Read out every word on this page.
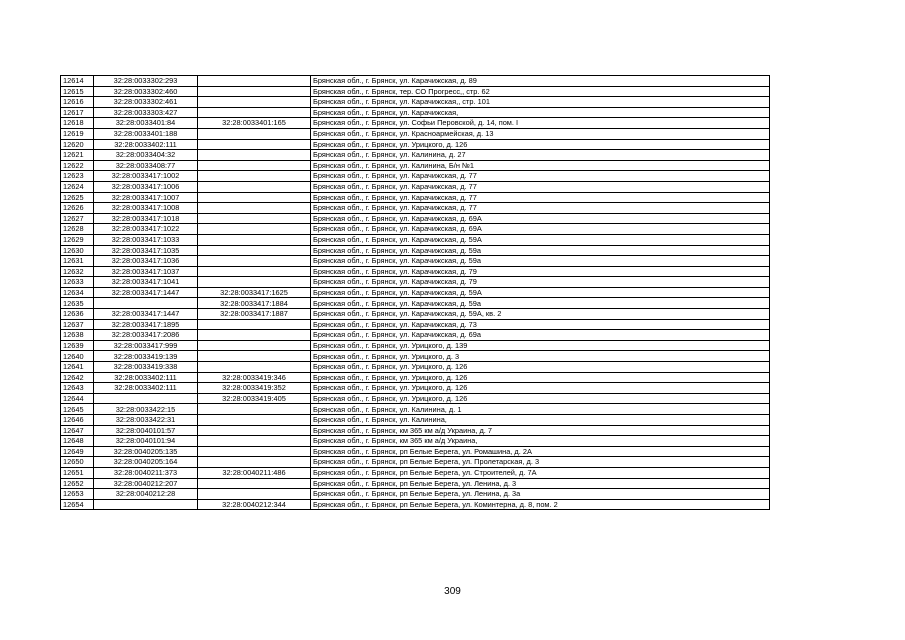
12614	32:28:0033302:293		Брянская обл., г. Брянск, ул. Карачижская, д. 89
12615	32:28:0033302:460		Брянская обл., г. Брянск, тер. СО Прогресс,, стр. 62
12616	32:28:0033302:461		Брянская обл., г. Брянск, ул. Карачижская,, стр. 101
12617	32:28:0033303:427		Брянская обл., г. Брянск, ул. Карачижская,
12618	32:28:0033401:84	32:28:0033401:165	Брянская обл., г. Брянск, ул. Софьи Перовской, д. 14, пом. I
12619	32:28:0033401:188		Брянская обл., г. Брянск, ул. Красноармейская, д. 13
12620	32:28:0033402:111		Брянская обл., г. Брянск, ул. Урицкого, д. 126
12621	32:28:0033404:32		Брянская обл., г. Брянск, ул. Калинина, д. 27
12622	32:28:0033408:77		Брянская обл., г. Брянск, ул. Калинина, Б/н №1
12623	32:28:0033417:1002		Брянская обл., г. Брянск, ул. Карачижская, д. 77
12624	32:28:0033417:1006		Брянская обл., г. Брянск, ул. Карачижская, д. 77
12625	32:28:0033417:1007		Брянская обл., г. Брянск, ул. Карачижская, д. 77
12626	32:28:0033417:1008		Брянская обл., г. Брянск, ул. Карачижская, д. 77
12627	32:28:0033417:1018		Брянская обл., г. Брянск, ул. Карачижская, д. 69А
12628	32:28:0033417:1022		Брянская обл., г. Брянск, ул. Карачижская, д. 69А
12629	32:28:0033417:1033		Брянская обл., г. Брянск, ул. Карачижская, д. 59А
12630	32:28:0033417:1035		Брянская обл., г. Брянск, ул. Карачижская, д. 59а
12631	32:28:0033417:1036		Брянская обл., г. Брянск, ул. Карачижская, д. 59а
12632	32:28:0033417:1037		Брянская обл., г. Брянск, ул. Карачижская, д. 79
12633	32:28:0033417:1041		Брянская обл., г. Брянск, ул. Карачижская, д. 79
12634	32:28:0033417:1447	32:28:0033417:1625	Брянская обл., г. Брянск, ул. Карачижская, д. 59А
12635		32:28:0033417:1884	Брянская обл., г. Брянск, ул. Карачижская, д. 59а
12636	32:28:0033417:1447	32:28:0033417:1887	Брянская обл., г. Брянск, ул. Карачижская, д. 59А, кв. 2
12637	32:28:0033417:1895		Брянская обл., г. Брянск, ул. Карачижская, д. 73
12638	32:28:0033417:2086		Брянская обл., г. Брянск, ул. Карачижская, д. 69а
12639	32:28:0033417:999		Брянская обл., г. Брянск, ул. Урицкого, д. 139
12640	32:28:0033419:139		Брянская обл., г. Брянск, ул. Урицкого, д. 3
12641	32:28:0033419:338		Брянская обл., г. Брянск, ул. Урицкого, д. 126
12642	32:28:0033402:111	32:28:0033419:346	Брянская обл., г. Брянск, ул. Урицкого, д. 126
12643	32:28:0033402:111	32:28:0033419:352	Брянская обл., г. Брянск, ул. Урицкого, д. 126
12644		32:28:0033419:405	Брянская обл., г. Брянск, ул. Урицкого, д. 126
12645	32:28:0033422:15		Брянская обл., г. Брянск, ул. Калинина, д. 1
12646	32:28:0033422:31		Брянская обл., г. Брянск, ул. Калинина,
12647	32:28:0040101:57		Брянская обл., г. Брянск, км 365 км а/д Украина, д. 7
12648	32:28:0040101:94		Брянская обл., г. Брянск, км 365 км а/д Украина,
12649	32:28:0040205:135		Брянская обл., г. Брянск, рп Белые Берега, ул. Ромашина, д. 2А
12650	32:28:0040205:164		Брянская обл., г. Брянск, рп Белые Берега, ул. Пролетарская, д. 3
12651	32:28:0040211:373	32:28:0040211:486	Брянская обл., г. Брянск, рп Белые Берега, ул. Строителей, д. 7А
12652	32:28:0040212:207		Брянская обл., г. Брянск, рп Белые Берега, ул. Ленина, д. 3
12653	32:28:0040212:28		Брянская обл., г. Брянск, рп Белые Берега, ул. Ленина, д. 3а
12654		32:28:0040212:344	Брянская обл., г. Брянск, рп Белые Берега, ул. Коминтерна, д. 8, пом. 2
309
